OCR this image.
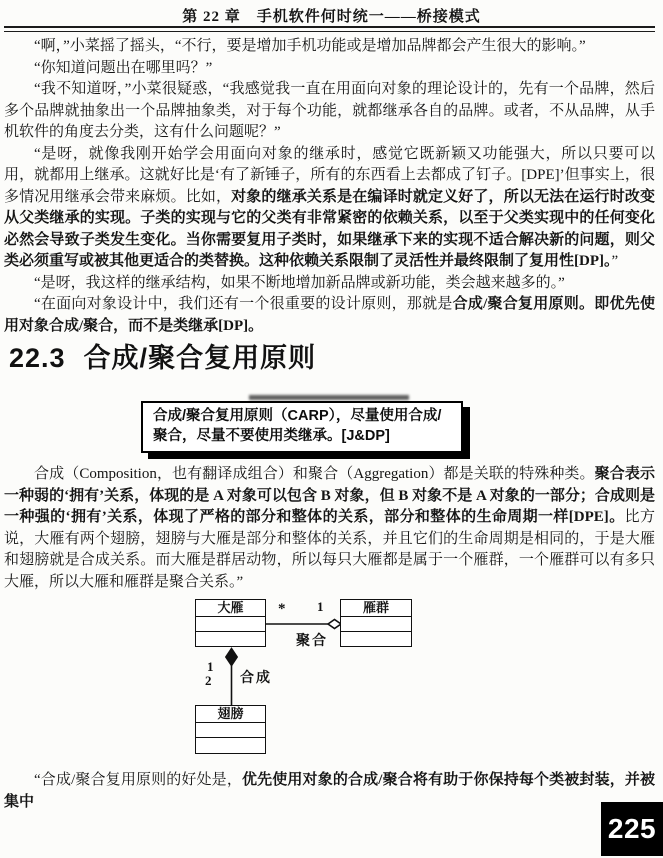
第 22 章　手机软件何时统一——桥接模式

“啊，”小菜摇了摇头，“不行，要是增加手机功能或是增加品牌都会产生很大的影响。”

“你知道问题出在哪里吗？”

“我不知道呀，”小菜很疑惑，“我感觉我一直在用面向对象的理论设计的，先有一个品牌，然后多个品牌就抽象出一个品牌抽象类，对于每个功能，就都继承各自的品牌。或者，不从品牌，从手机软件的角度去分类，这有什么问题呢？”

“是呀，就像我刚开始学会用面向对象的继承时，感觉它既新颖又功能强大，所以只要可以用，就都用上继承。这就好比是‘有了新锤子，所有的东西看上去都成了钉子。[DPE]’但事实上，很多情况用继承会带来麻烦。比如，对象的继承关系是在编译时就定义好了，所以无法在运行时改变从父类继承的实现。子类的实现与它的父类有非常紧密的依赖关系，以至于父类实现中的任何变化必然会导致子类发生变化。当你需要复用子类时，如果继承下来的实现不适合解决新的问题，则父类必须重写或被其他更适合的类替换。这种依赖关系限制了灵活性并最终限制了复用性[DP]。”

“是呀，我这样的继承结构，如果不断地增加新品牌或新功能，类会越来越多的。”

“在面向对象设计中，我们还有一个很重要的设计原则，那就是合成/聚合复用原则。即优先使用对象合成/聚合，而不是类继承[DP]。

22.3 合成/聚合复用原则
合成/聚合复用原则（CARP），尽量使用合成/聚合，尽量不要使用类继承。[J&DP]

合成（Composition，也有翻译成组合）和聚合（Aggregation）都是关联的特殊种类。聚合表示一种弱的‘拥有’关系，体现的是 A 对象可以包含 B 对象，但 B 对象不是 A 对象的一部分；合成则是一种强的‘拥有’关系，体现了严格的部分和整体的关系，部分和整体的生命周期一样[DPE]。比方说，大雁有两个翅膀，翅膀与大雁是部分和整体的关系，并且它们的生命周期是相同的，于是大雁和翅膀就是合成关系。而大雁是群居动物，所以每只大雁都是属于一个雁群，一个雁群可以有多只大雁，所以大雁和雁群是聚合关系。”

大雁	雁群
翅膀
* 1
1
2
聚合
合成

“合成/聚合复用原则的好处是，优先使用对象的合成/聚合将有助于你保持每个类被封装，并被集中

225
